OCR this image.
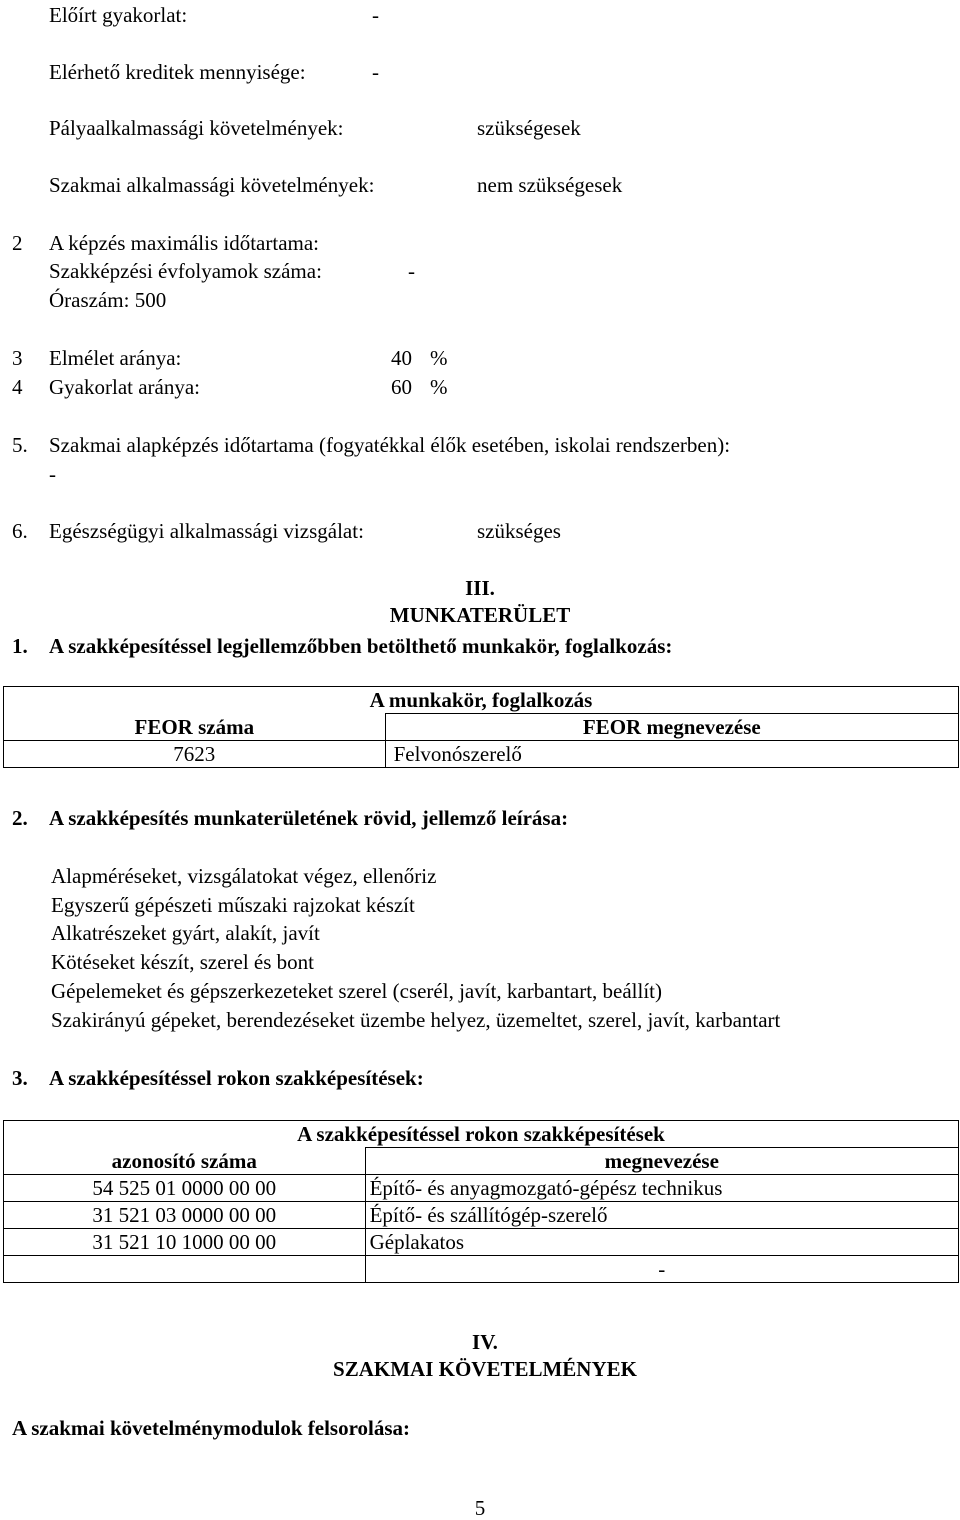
Előírt gyakorlat:	-
Elérhető kreditek mennyisége:	-
Pályaalkalmassági követelmények:	szükségesek
Szakmai alkalmassági követelmények:	nem szükségesek
2 A képzés maximális időtartama:
Szakképzési évfolyamok száma:	-
Óraszám: 500
3 Elmélet aránya:	40 %
4 Gyakorlat aránya:	60 %
5. Szakmai alapképzés időtartama (fogyatékkal élők esetében, iskolai rendszerben):
-
6. Egészségügyi alkalmassági vizsgálat:	szükséges
III.
MUNKATERÜLET
1. A szakképesítéssel legjellemzőbben betölthető munkakör, foglalkozás:
A munkakör, foglalkozás	
FEOR száma	FEOR megnevezése
7623	Felvonószerelő
2. A szakképesítés munkaterületének rövid, jellemző leírása:
Alapméréseket, vizsgálatokat végez, ellenőriz
Egyszerű gépészeti műszaki rajzokat készít
Alkatrészeket gyárt, alakít, javít
Kötéseket készít, szerel és bont
Gépelemeket és gépszerkezeteket szerel (cserél, javít, karbantart, beállít)
Szakirányú gépeket, berendezéseket üzembe helyez, üzemeltet, szerel, javít, karbantart
3. A szakképesítéssel rokon szakképesítések:
A szakképesítéssel rokon szakképesítések	
azonosító száma	megnevezése
54 525 01 0000 00 00	Építő- és anyagmozgató-gépész technikus
31 521 03 0000 00 00	Építő- és szállítógép-szerelő
31 521 10 1000 00 00	Géplakatos
	-
IV.
SZAKMAI KÖVETELMÉNYEK
A szakmai követelménymodulok felsorolása:
5
